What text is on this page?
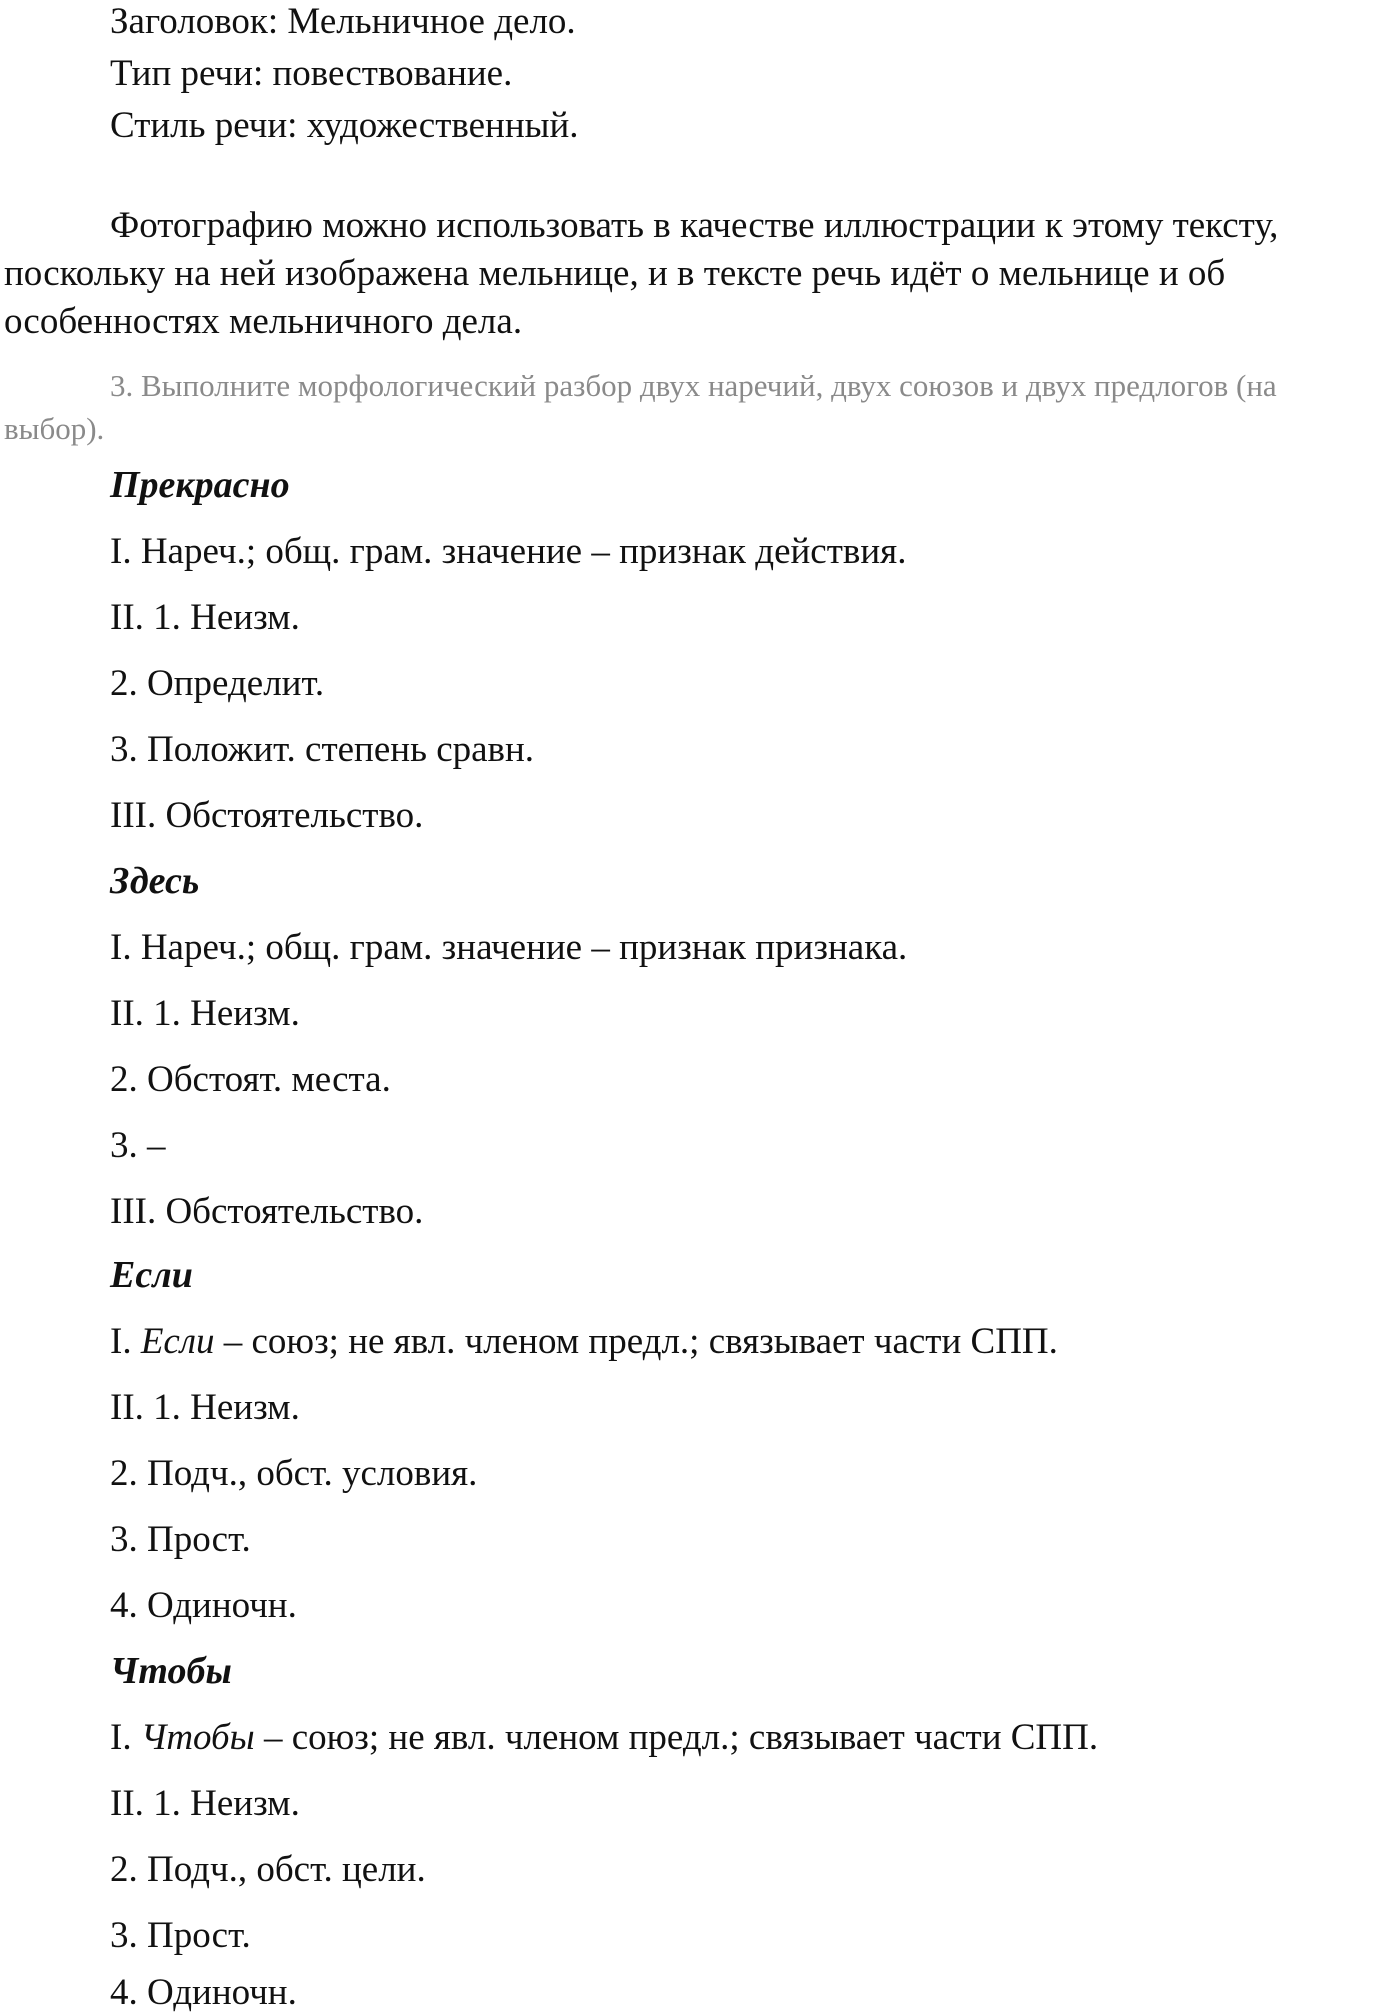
Заголовок: Мельничное дело.

Тип речи: повествование.

Стиль речи: художественный.

Фотографию можно использовать в качестве иллюстрации к этому тексту, поскольку на ней изображена мельнице, и в тексте речь идёт о мельнице и об особенностях мельничного дела.

3. Выполните морфологический разбор двух наречий, двух союзов и двух предлогов (на выбор).

Прекрасно

I. Нареч.; общ. грам. значение – признак действия.

II. 1. Неизм.

2. Определит.

3. Положит. степень сравн.

III. Обстоятельство.

Здесь

I. Нареч.; общ. грам. значение – признак признака.

II. 1. Неизм.

2. Обстоят. места.

3. –

III. Обстоятельство.

Если

I. Если – союз; не явл. членом предл.; связывает части СПП.

II. 1. Неизм.

2. Подч., обст. условия.

3. Прост.

4. Одиночн.

Чтобы

I. Чтобы – союз; не явл. членом предл.; связывает части СПП.

II. 1. Неизм.

2. Подч., обст. цели.

3. Прост.

4. Одиночн.
